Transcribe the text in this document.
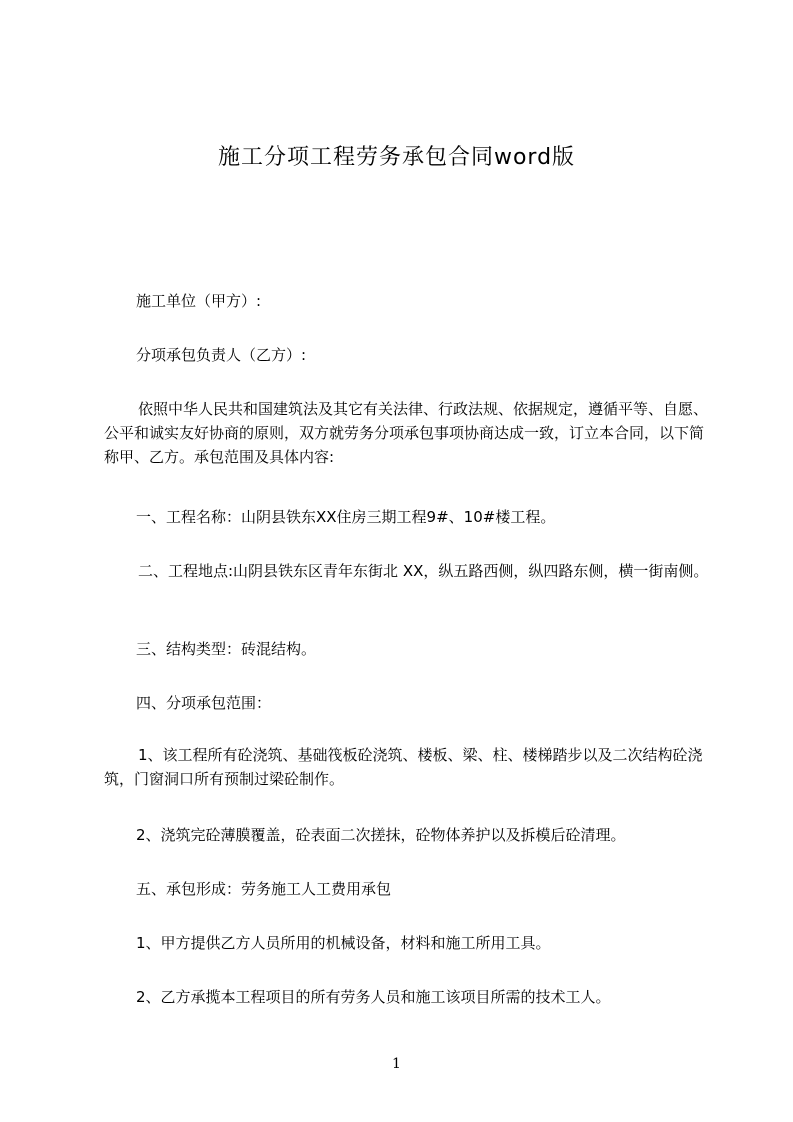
施工分项工程劳务承包合同word版
施工单位（甲方）:
分项承包负责人（乙方）:
依照中华人民共和国建筑法及其它有关法律、行政法规、依据规定，遵循平等、自愿、公平和诚实友好协商的原则，双方就劳务分项承包事项协商达成一致，订立本合同，以下简称甲、乙方。承包范围及具体内容:
一、工程名称：山阴县铁东XX住房三期工程9#、10#楼工程。
二、工程地点:山阴县铁东区青年东街北 XX，纵五路西侧，纵四路东侧，横一街南侧。
三、结构类型：砖混结构。
四、分项承包范围：
1、该工程所有砼浇筑、基础筏板砼浇筑、楼板、梁、柱、楼梯踏步以及二次结构砼浇筑，门窗洞口所有预制过梁砼制作。
2、浇筑完砼薄膜覆盖，砼表面二次搓抹，砼物体养护以及拆模后砼清理。
五、承包形成：劳务施工人工费用承包
1、甲方提供乙方人员所用的机械设备，材料和施工所用工具。
2、乙方承揽本工程项目的所有劳务人员和施工该项目所需的技术工人。
1
